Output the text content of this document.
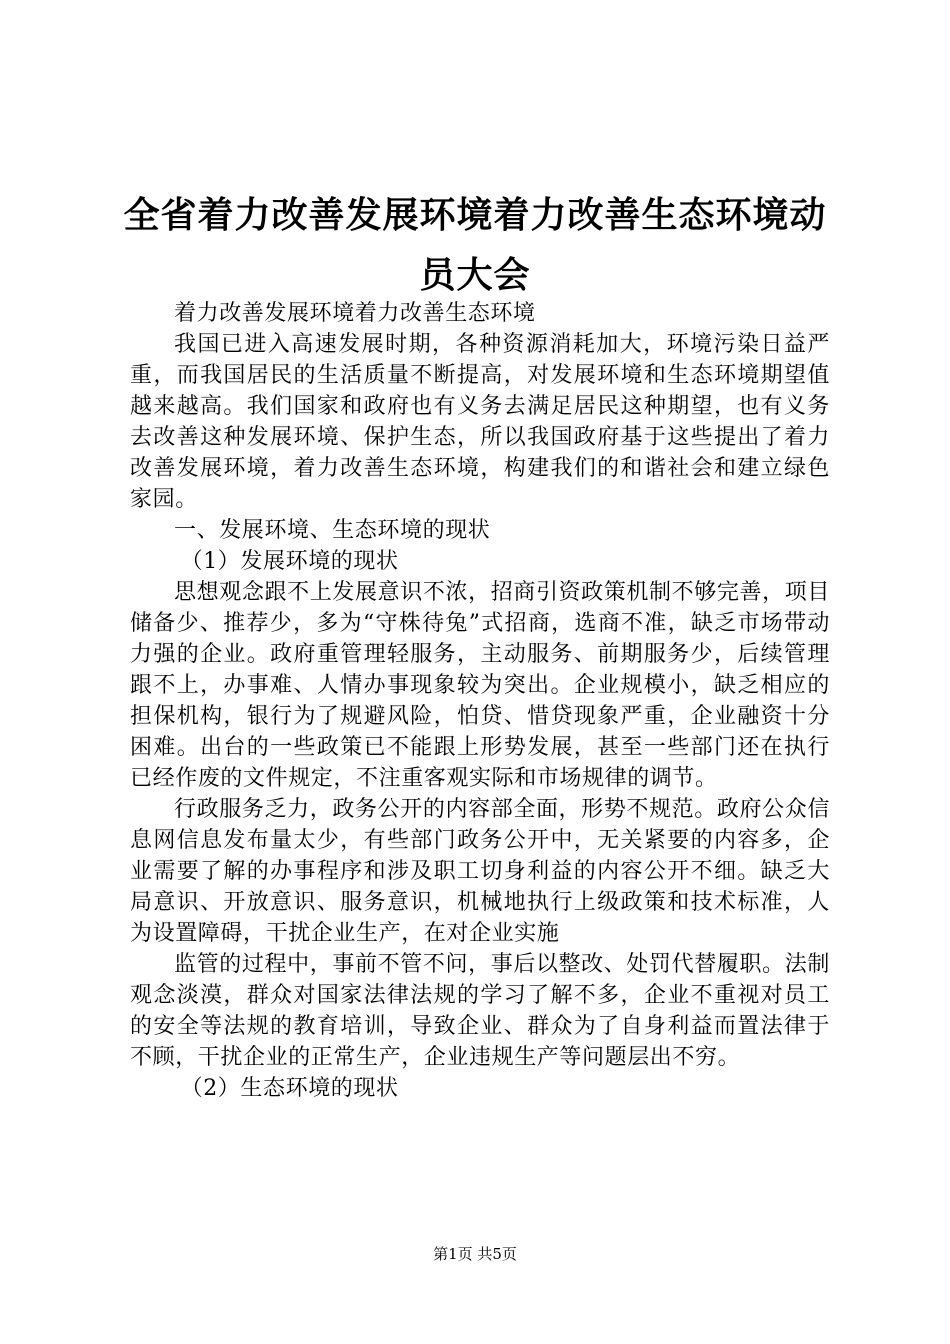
全省着力改善发展环境着力改善生态环境动员大会

着力改善发展环境着力改善生态环境

我国已进入高速发展时期，各种资源消耗加大，环境污染日益严重，而我国居民的生活质量不断提高，对发展环境和生态环境期望值越来越高。我们国家和政府也有义务去满足居民这种期望，也有义务去改善这种发展环境、保护生态，所以我国政府基于这些提出了着力改善发展环境，着力改善生态环境，构建我们的和谐社会和建立绿色家园。

一、发展环境、生态环境的现状

（1）发展环境的现状

思想观念跟不上发展意识不浓，招商引资政策机制不够完善，项目储备少、推荐少，多为“守株待兔”式招商，选商不准，缺乏市场带动力强的企业。政府重管理轻服务，主动服务、前期服务少，后续管理跟不上，办事难、人情办事现象较为突出。企业规模小，缺乏相应的担保机构，银行为了规避风险，怕贷、惜贷现象严重，企业融资十分困难。出台的一些政策已不能跟上形势发展，甚至一些部门还在执行已经作废的文件规定，不注重客观实际和市场规律的调节。

行政服务乏力，政务公开的内容部全面，形势不规范。政府公众信息网信息发布量太少，有些部门政务公开中，无关紧要的内容多，企业需要了解的办事程序和涉及职工切身利益的内容公开不细。缺乏大局意识、开放意识、服务意识，机械地执行上级政策和技术标准，人为设置障碍，干扰企业生产，在对企业实施

监管的过程中，事前不管不问，事后以整改、处罚代替履职。法制观念淡漠，群众对国家法律法规的学习了解不多，企业不重视对员工的安全等法规的教育培训，导致企业、群众为了自身利益而置法律于不顾，干扰企业的正常生产，企业违规生产等问题层出不穷。

（2）生态环境的现状

第1页 共5页
